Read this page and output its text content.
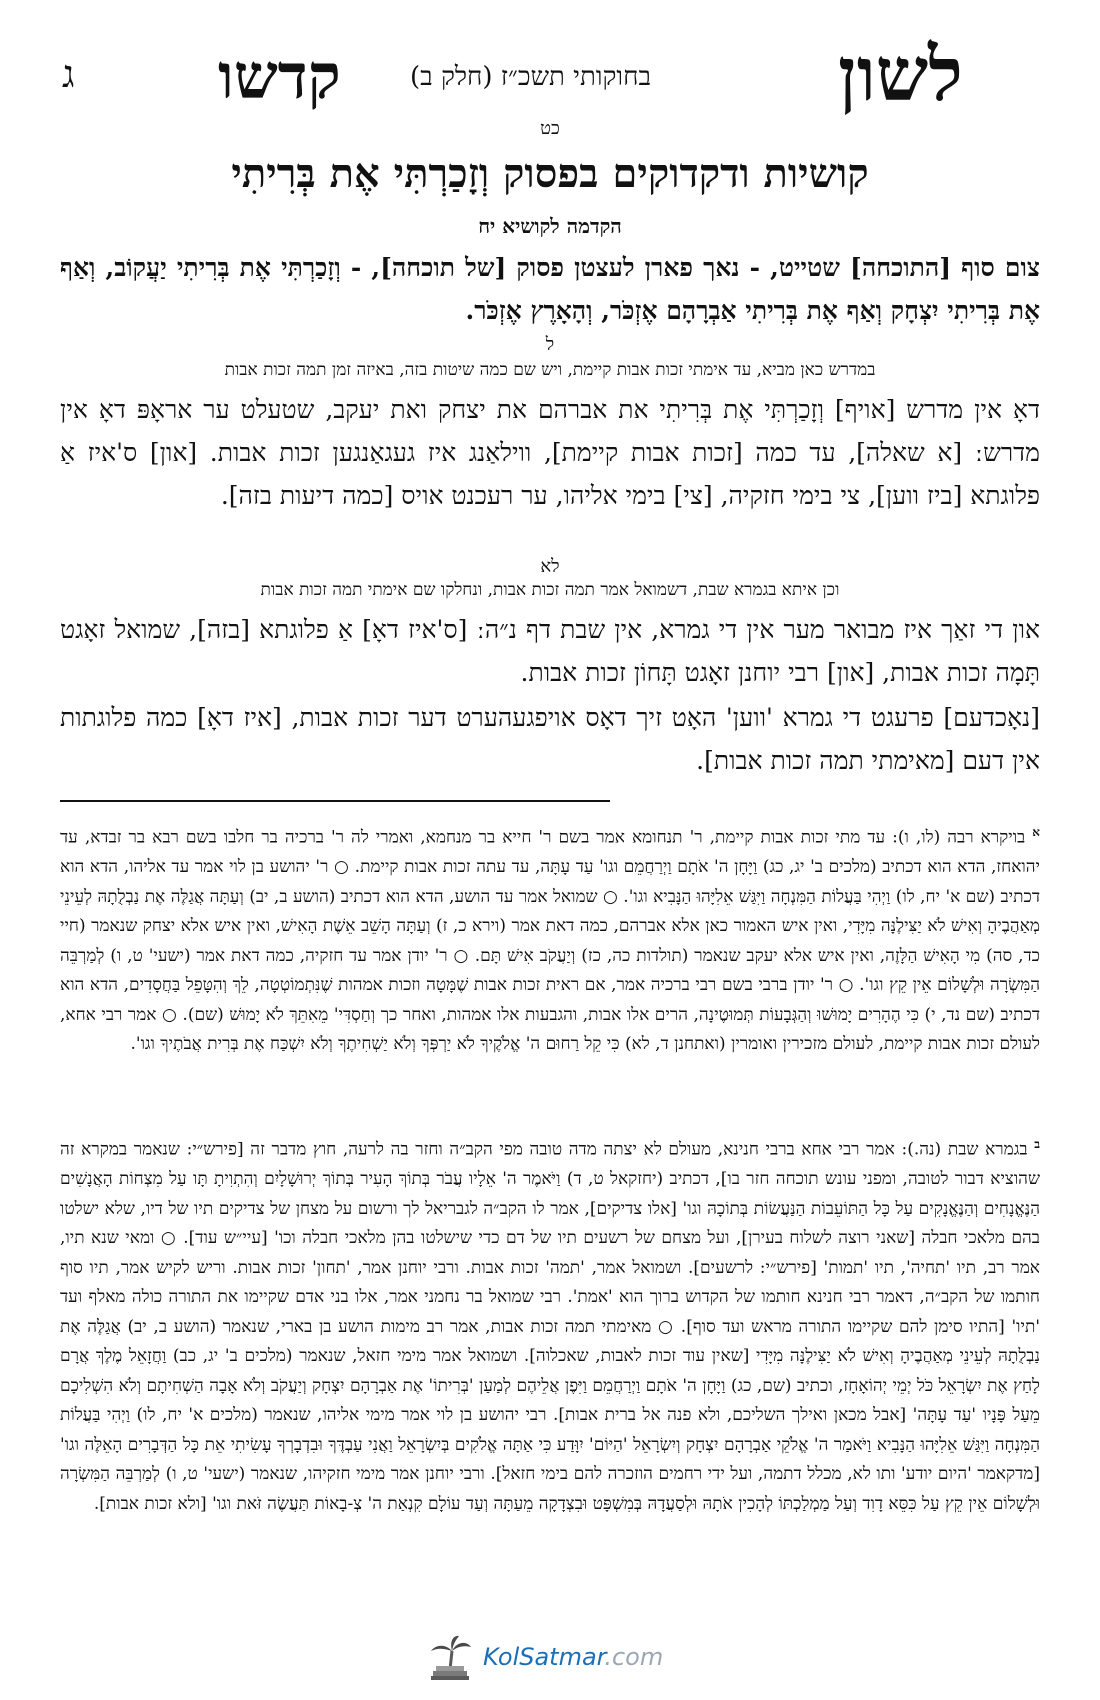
ג קדשו	בחוקותי תשכ״ז (חלק ב)	לשון
כט
קושיות ודקדוקים בפסוק וְזָכַרְתִּי אֶת בְּרִיתִי
הקדמה לקושיא יח
צום סוף [התוכחה] שטייט, - נאך פארן לעצטן פסוק [של תוכחה], - וְזָכַרְתִּי אֶת בְּרִיתִי יַעֲקוֹב, וְאַף אֶת בְּרִיתִי יִצְחָק וְאַף אֶת בְּרִיתִי אַבְרָהָם אֶזְכֹּר, וְהָאָרֶץ אֶזְכֹּר.
ל
במדרש כאן מביא, עד אימתי זכות אבות קיימת, ויש שם כמה שיטות בזה, באיזה זמן תמה זכות אבות
דאָ אין מדרש [אויף] וְזָכַרְתִּי אֶת בְּרִיתִי את אברהם את יצחק ואת יעקב, שטעלט ער אראָפּ דאָ אין מדרשː [א שאלה], עד כמה [זכות אבות קיימת], ווילאַנג איז געגאַנגען זכות אבות. [און] ס'איז אַ פלוגתא [ביז ווען], צי בימי חזקיה, [צי] בימי אליהו, ער רעכנט אויס [כמה דיעות בזה].
לא
וכן איתא בגמרא שבת, דשמואל אמר תמה זכות אבות, ונחלקו שם אימתי תמה זכות אבות
און די זאַך איז מבואר מער אין די גמרא, אין שבת דף נ״הː [ס'איז דאָ] אַ פלוגתא [בזה], שמואל זאָגט תָּמָה זכות אבות, [און] רבי יוחנן זאָגט תָּחוֹן זכות אבות.
[נאָכדעם] פרעגט די גמרא 'ווען' האָט זיך דאָס אויפגעהערט דער זכות אבות, [איז דאָ] כמה פלוגתות אין דעם [מאימתי תמה זכות אבות].
$^א$ בויקרא רבה (לו, ו): עד מתי זכות אבות קיימת, ר' תנחומא אמר בשם ר' חייא בר מנחמא, ואמרי לה ר' ברכיה בר חלבו בשם רבא בר זבדא, עד יהואחז, הדא הוא דכתיב (מלכים ב' יג, כג) וַיָּחָן ה' אֹתָם וַיְרַחֲמֵם וגו' עַד עָתָּה, עד עתה זכות אבות קיימת. ○ ר' יהושע בן לוי אמר עד אליהו, הדא הוא דכתיב (שם א' יח, לו) וַיְהִי בַּעֲלוֹת הַמִּנְחָה וַיִּגַּשׁ אֵלִיָּהוּ הַנָּבִיא וגו'. ○ שמואל אמר עד הושע, הדא הוא דכתיב (הושע ב, יב) וְעַתָּה אֲגַלֶּה אֶת נַבְלֻתָהּ לְעֵינֵי מְאַהֲבֶיהָ וְאִישׁ לֹא יַצִּילֶנָּה מִיָּדִי, ואין איש האמור כאן אלא אברהם, כמה דאת אמר (וירא כ, ז) וְעַתָּה הָשֵׁב אֵשֶׁת הָאִישׁ, ואין איש אלא יצחק שנאמר (חיי כד, סה) מִי הָאִישׁ הַלָּזֶה, ואין איש אלא יעקב שנאמר (תולדות כה, כז) וְיַעֲקֹב אִישׁ תָּם. ○ ר' יודן אמר עד חזקיה, כמה דאת אמר (ישעי' ט, ו) לְמַרְבֵּה הַמִּשְׂרָה וּלְשָׁלוֹם אֵין קֵץ וגו'. ○ ר' יודן ברבי בשם רבי ברכיה אמר, אם ראית זכות אבות שֶׁמָּטָה וזכות אמהות שֶׁנִּתְמוֹטְטָה, לֵךְ וְהִטָּפֵל בַּחֲסָדִים, הדא הוא דכתיב (שם נד, י) כִּי הֶהָרִים יָמוּשׁוּ וְהַגְּבָעוֹת תְּמוּטֶינָה, הרים אלו אבות, והגבעות אלו אמהות, ואחר כך וְחַסְדִּי' מֵאִתֵּךְ לֹא יָמוּשׁ (שם). ○ אמר רבי אחא, לעולם זכות אבות קיימת, לעולם מזכירין ואומרין (ואתחנן ד, לא) כִּי קֵל רַחוּם ה' אֱלֹקֶיךָ לֹא יַרְפְּךָ וְלֹא יַשְׁחִיתֶךָ וְלֹא יִשְׁכַּח אֶת בְּרִית אֲבֹתֶיךָ וגו'.
$^ב$ בגמרא שבת (נה.): אמר רבי אחא ברבי חנינא, מעולם לא יצתה מדה טובה מפי הקב״ה וחזר בה לרעה, חוץ מדבר זה [פירש״י: שנאמר במקרא זה שהוציא דבור לטובה, ומפני עונש תוכחה חזר בו], דכתיב (יחזקאל ט, ד) וַיֹּאמֶר ה' אֵלָיו עֲבֹר בְּתוֹךְ הָעִיר בְּתוֹךְ יְרוּשָׁלָיִם וְהִתְוִיתָ תָּו עַל מִצְחוֹת הָאֲנָשִׁים הַנֶּאֱנָחִים וְהַנֶּאֱנָקִים עַל כָּל הַתּוֹעֵבוֹת הַנַּעֲשׂוֹת בְּתוֹכָהּ וגו' [אלו צדיקים], אמר לו הקב״ה לגבריאל לך ורשום על מצחן של צדיקים תיו של דיו, שלא ישלטו בהם מלאכי חבלה [שאני רוצה לשלוח בעירן], ועל מצחם של רשעים תיו של דם כדי שישלטו בהן מלאכי חבלה וכו' [עיי״ש עוד]. ○ ומאי שנא תיו, אמר רב, תיו 'תחיה', תיו 'תמות' [פירש״י: לרשעים]. ושמואל אמר, 'תמה' זכות אבות. ורבי יוחנן אמר, 'תחון' זכות אבות. וריש לקיש אמר, תיו סוף חותמו של הקב״ה, דאמר רבי חנינא חותמו של הקדוש ברוך הוא 'אמת'. רבי שמואל בר נחמני אמר, אלו בני אדם שקיימו את התורה כולה מאלף ועד 'תיו' [התיו סימן להם שקיימו התורה מראש ועד סוף]. ○ מאימתי תמה זכות אבות, אמר רב מימות הושע בן בארי, שנאמר (הושע ב, יב) אֲגַלֶּה אֶת נַבְלֻתָהּ לְעֵינֵי מְאַהֲבֶיהָ וְאִישׁ לֹא יַצִּילֶנָּה מִיָּדִי [שאין עוד זכות לאבות, שאכלוה]. ושמואל אמר מימי חזאל, שנאמר (מלכים ב' יג, כב) וַחֲזָאֵל מֶלֶךְ אֲרָם לָחַץ אֶת יִשְׂרָאֵל כֹּל יְמֵי יְהוֹאָחָז, וכתיב (שם, כג) וַיָּחָן ה' אֹתָם וַיְרַחֲמֵם וַיִּפֶן אֲלֵיהֶם לְמַעַן 'בְּרִיתוֹ' אֶת אַבְרָהָם יִצְחָק וְיַעֲקֹב וְלֹא אָבָה הַשְׁחִיתָם וְלֹא הִשְׁלִיכָם מֵעַל פָּנָיו 'עַד עָתָּה' [אבל מכאן ואילך השליכם, ולא פנה אל ברית אבות]. רבי יהושע בן לוי אמר מימי אליהו, שנאמר (מלכים א' יח, לו) וַיְהִי בַּעֲלוֹת הַמִּנְחָה וַיִּגַּשׁ אֵלִיָּהוּ הַנָּבִיא וַיֹּאמַר ה' אֱלֹקֵי אַבְרָהָם יִצְחָק וְיִשְׂרָאֵל 'הַיּוֹם' יִוָּדַע כִּי אַתָּה אֱלֹקִים בְּיִשְׂרָאֵל וַאֲנִי עַבְדֶּךָ וּבִדְבָרְךָ עָשִׂיתִי אֵת כָּל הַדְּבָרִים הָאֵלֶּה וגו' [מדקאמר 'היום יודע' ותו לא, מכלל דתמה, ועל ידי רחמים הוזכרה להם בימי חזאל]. ורבי יוחנן אמר מימי חזקיהו, שנאמר (ישעי' ט, ו) לְמַרְבֵּה הַמִּשְׂרָה וּלְשָׁלוֹם אֵין קֵץ עַל כִּסֵּא דָוִד וְעַל מַמְלַכְתּוֹ לְהָכִין אֹתָהּ וּלְסַעֲדָהּ בְּמִשְׁפָּט וּבִצְדָקָה מֵעַתָּה וְעַד עוֹלָם קִנְאַת ה' צְ-בָאוֹת תַּעֲשֶׂה זֹּאת וגו' [ולא זכות אבות].
KolSatmar.com
